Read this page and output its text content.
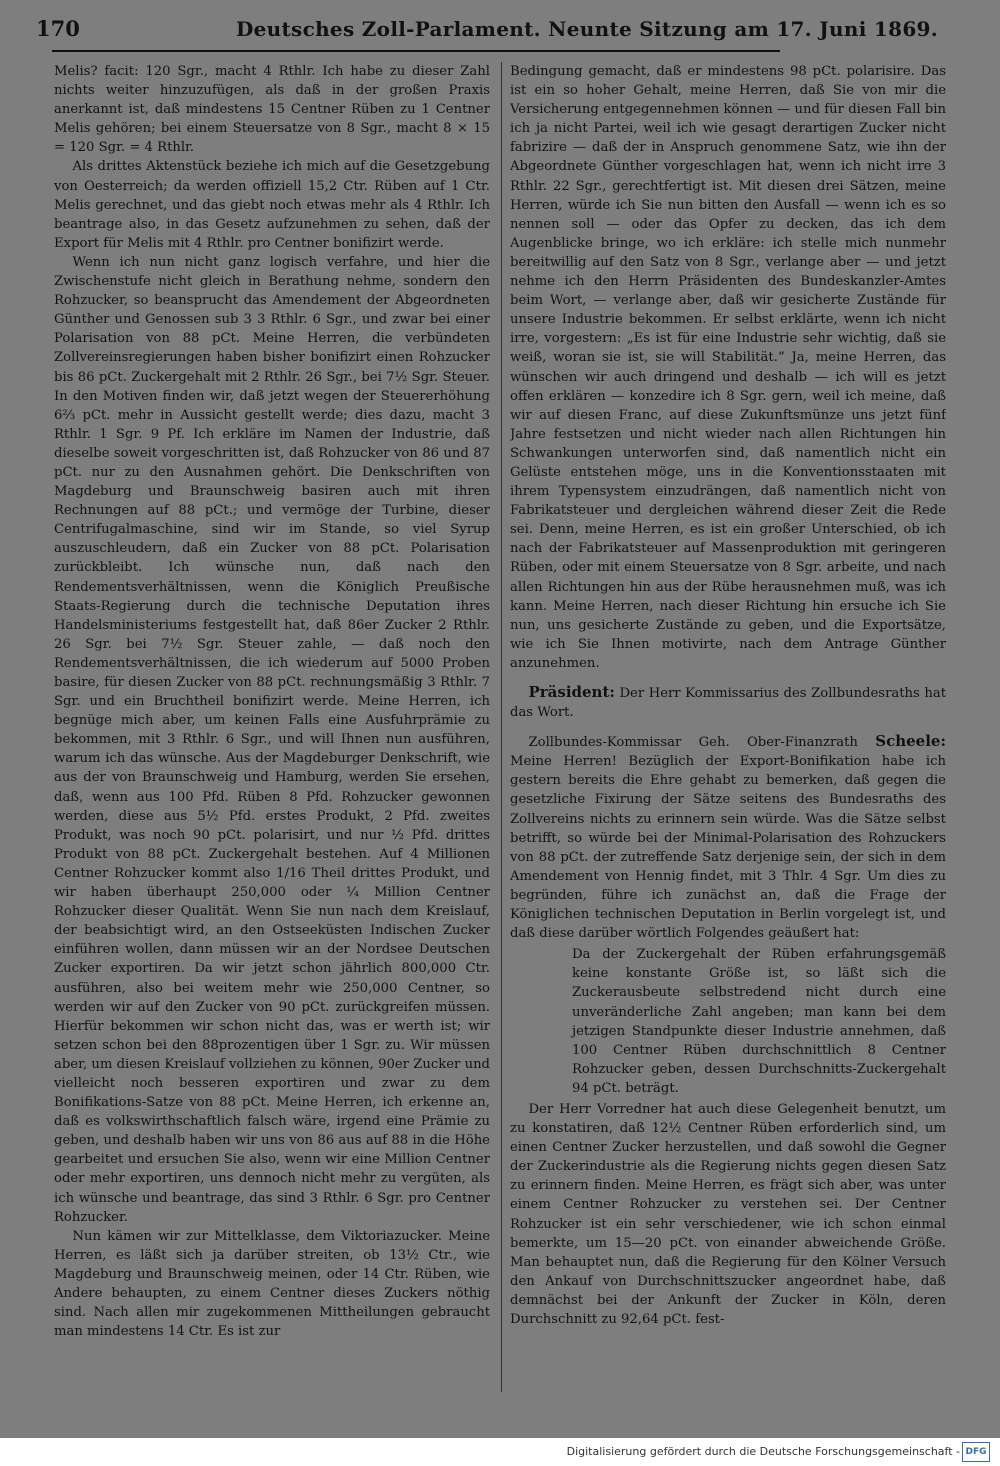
170	Deutsches Zoll-Parlament. Neunte Sitzung am 17. Juni 1869.

Melis? facit: 120 Sgr., macht 4 Rthlr. Ich habe zu dieser Zahl nichts weiter hinzuzufügen, als daß in der großen Praxis anerkannt ist, daß mindestens 15 Centner Rüben zu 1 Centner Melis gehören; bei einem Steuersatze von 8 Sgr., macht 8 × 15 = 120 Sgr. = 4 Rthlr.

Als drittes Aktenstück beziehe ich mich auf die Gesetzgebung von Oesterreich; da werden offiziell 15,2 Ctr. Rüben auf 1 Ctr. Melis gerechnet, und das giebt noch etwas mehr als 4 Rthlr. Ich beantrage also, in das Gesetz aufzunehmen zu sehen, daß der Export für Melis mit 4 Rthlr. pro Centner bonifizirt werde.

Wenn ich nun nicht ganz logisch verfahre, und hier die Zwischenstufe nicht gleich in Berathung nehme, sondern den Rohzucker, so beansprucht das Amendement der Abgeordneten Günther und Genossen sub 3 3 Rthlr. 6 Sgr., und zwar bei einer Polarisation von 88 pCt. Meine Herren, die verbündeten Zollvereinsregierungen haben bisher bonifizirt einen Rohzucker bis 86 pCt. Zuckergehalt mit 2 Rthlr. 26 Sgr., bei 7½ Sgr. Steuer. In den Motiven finden wir, daß jetzt wegen der Steuererhöhung 6⅔ pCt. mehr in Aussicht gestellt werde; dies dazu, macht 3 Rthlr. 1 Sgr. 9 Pf. Ich erkläre im Namen der Industrie, daß dieselbe soweit vorgeschritten ist, daß Rohzucker von 86 und 87 pCt. nur zu den Ausnahmen gehört. Die Denkschriften von Magdeburg und Braunschweig basiren auch mit ihren Rechnungen auf 88 pCt.; und vermöge der Turbine, dieser Centrifugalmaschine, sind wir im Stande, so viel Syrup auszuschleudern, daß ein Zucker von 88 pCt. Polarisation zurückbleibt. Ich wünsche nun, daß nach den Rendementsverhältnissen, wenn die Königlich Preußische Staats-Regierung durch die technische Deputation ihres Handelsministeriums festgestellt hat, daß 86er Zucker 2 Rthlr. 26 Sgr. bei 7½ Sgr. Steuer zahle, — daß noch den Rendementsverhältnissen, die ich wiederum auf 5000 Proben basire, für diesen Zucker von 88 pCt. rechnungsmäßig 3 Rthlr. 7 Sgr. und ein Bruchtheil bonifizirt werde. Meine Herren, ich begnüge mich aber, um keinen Falls eine Ausfuhrprämie zu bekommen, mit 3 Rthlr. 6 Sgr., und will Ihnen nun ausführen, warum ich das wünsche. Aus der Magdeburger Denkschrift, wie aus der von Braunschweig und Hamburg, werden Sie ersehen, daß, wenn aus 100 Pfd. Rüben 8 Pfd. Rohzucker gewonnen werden, diese aus 5½ Pfd. erstes Produkt, 2 Pfd. zweites Produkt, was noch 90 pCt. polarisirt, und nur ½ Pfd. drittes Produkt von 88 pCt. Zuckergehalt bestehen. Auf 4 Millionen Centner Rohzucker kommt also 1/16 Theil drittes Produkt, und wir haben überhaupt 250,000 oder ¼ Million Centner Rohzucker dieser Qualität. Wenn Sie nun nach dem Kreislauf, der beabsichtigt wird, an den Ostseeküsten Indischen Zucker einführen wollen, dann müssen wir an der Nordsee Deutschen Zucker exportiren. Da wir jetzt schon jährlich 800,000 Ctr. ausführen, also bei weitem mehr wie 250,000 Centner, so werden wir auf den Zucker von 90 pCt. zurückgreifen müssen. Hierfür bekommen wir schon nicht das, was er werth ist; wir setzen schon bei den 88prozentigen über 1 Sgr. zu. Wir müssen aber, um diesen Kreislauf vollziehen zu können, 90er Zucker und vielleicht noch besseren exportiren und zwar zu dem Bonifikations-Satze von 88 pCt. Meine Herren, ich erkenne an, daß es volkswirthschaftlich falsch wäre, irgend eine Prämie zu geben, und deshalb haben wir uns von 86 aus auf 88 in die Höhe gearbeitet und ersuchen Sie also, wenn wir eine Million Centner oder mehr exportiren, uns dennoch nicht mehr zu vergüten, als ich wünsche und beantrage, das sind 3 Rthlr. 6 Sgr. pro Centner Rohzucker.

Nun kämen wir zur Mittelklasse, dem Viktoriazucker. Meine Herren, es läßt sich ja darüber streiten, ob 13½ Ctr., wie Magdeburg und Braunschweig meinen, oder 14 Ctr. Rüben, wie Andere behaupten, zu einem Centner dieses Zuckers nöthig sind. Nach allen mir zugekommenen Mittheilungen gebraucht man mindestens 14 Ctr. Es ist zur

Bedingung gemacht, daß er mindestens 98 pCt. polarisire. Das ist ein so hoher Gehalt, meine Herren, daß Sie von mir die Versicherung entgegennehmen können — und für diesen Fall bin ich ja nicht Partei, weil ich wie gesagt derartigen Zucker nicht fabrizire — daß der in Anspruch genommene Satz, wie ihn der Abgeordnete Günther vorgeschlagen hat, wenn ich nicht irre 3 Rthlr. 22 Sgr., gerechtfertigt ist. Mit diesen drei Sätzen, meine Herren, würde ich Sie nun bitten den Ausfall — wenn ich es so nennen soll — oder das Opfer zu decken, das ich dem Augenblicke bringe, wo ich erkläre: ich stelle mich nunmehr bereitwillig auf den Satz von 8 Sgr., verlange aber — und jetzt nehme ich den Herrn Präsidenten des Bundeskanzler-Amtes beim Wort, — verlange aber, daß wir gesicherte Zustände für unsere Industrie bekommen. Er selbst erklärte, wenn ich nicht irre, vorgestern: „Es ist für eine Industrie sehr wichtig, daß sie weiß, woran sie ist, sie will Stabilität.“ Ja, meine Herren, das wünschen wir auch dringend und deshalb — ich will es jetzt offen erklären — konzedire ich 8 Sgr. gern, weil ich meine, daß wir auf diesen Franc, auf diese Zukunftsmünze uns jetzt fünf Jahre festsetzen und nicht wieder nach allen Richtungen hin Schwankungen unterworfen sind, daß namentlich nicht ein Gelüste entstehen möge, uns in die Konventionsstaaten mit ihrem Typensystem einzudrängen, daß namentlich nicht von Fabrikatsteuer und dergleichen während dieser Zeit die Rede sei. Denn, meine Herren, es ist ein großer Unterschied, ob ich nach der Fabrikatsteuer auf Massenproduktion mit geringeren Rüben, oder mit einem Steuersatze von 8 Sgr. arbeite, und nach allen Richtungen hin aus der Rübe herausnehmen muß, was ich kann. Meine Herren, nach dieser Richtung hin ersuche ich Sie nun, uns gesicherte Zustände zu geben, und die Exportsätze, wie ich Sie Ihnen motivirte, nach dem Antrage Günther anzunehmen.

Präsident: Der Herr Kommissarius des Zollbundesraths hat das Wort.

Zollbundes-Kommissar Geh. Ober-Finanzrath Scheele: Meine Herren! Bezüglich der Export-Bonifikation habe ich gestern bereits die Ehre gehabt zu bemerken, daß gegen die gesetzliche Fixirung der Sätze seitens des Bundesraths des Zollvereins nichts zu erinnern sein würde. Was die Sätze selbst betrifft, so würde bei der Minimal-Polarisation des Rohzuckers von 88 pCt. der zutreffende Satz derjenige sein, der sich in dem Amendement von Hennig findet, mit 3 Thlr. 4 Sgr. Um dies zu begründen, führe ich zunächst an, daß die Frage der Königlichen technischen Deputation in Berlin vorgelegt ist, und daß diese darüber wörtlich Folgendes geäußert hat:

Da der Zuckergehalt der Rüben erfahrungsgemäß keine konstante Größe ist, so läßt sich die Zuckerausbeute selbstredend nicht durch eine unveränderliche Zahl angeben; man kann bei dem jetzigen Standpunkte dieser Industrie annehmen, daß 100 Centner Rüben durchschnittlich 8 Centner Rohzucker geben, dessen Durchschnitts-Zuckergehalt 94 pCt. beträgt.

Der Herr Vorredner hat auch diese Gelegenheit benutzt, um zu konstatiren, daß 12½ Centner Rüben erforderlich sind, um einen Centner Zucker herzustellen, und daß sowohl die Gegner der Zuckerindustrie als die Regierung nichts gegen diesen Satz zu erinnern finden. Meine Herren, es frägt sich aber, was unter einem Centner Rohzucker zu verstehen sei. Der Centner Rohzucker ist ein sehr verschiedener, wie ich schon einmal bemerkte, um 15—20 pCt. von einander abweichende Größe. Man behauptet nun, daß die Regierung für den Kölner Versuch den Ankauf von Durchschnittszucker angeordnet habe, daß demnächst bei der Ankunft der Zucker in Köln, deren Durchschnitt zu 92,64 pCt. fest-

Digitalisierung gefördert durch die Deutsche Forschungsgemeinschaft - DFG
